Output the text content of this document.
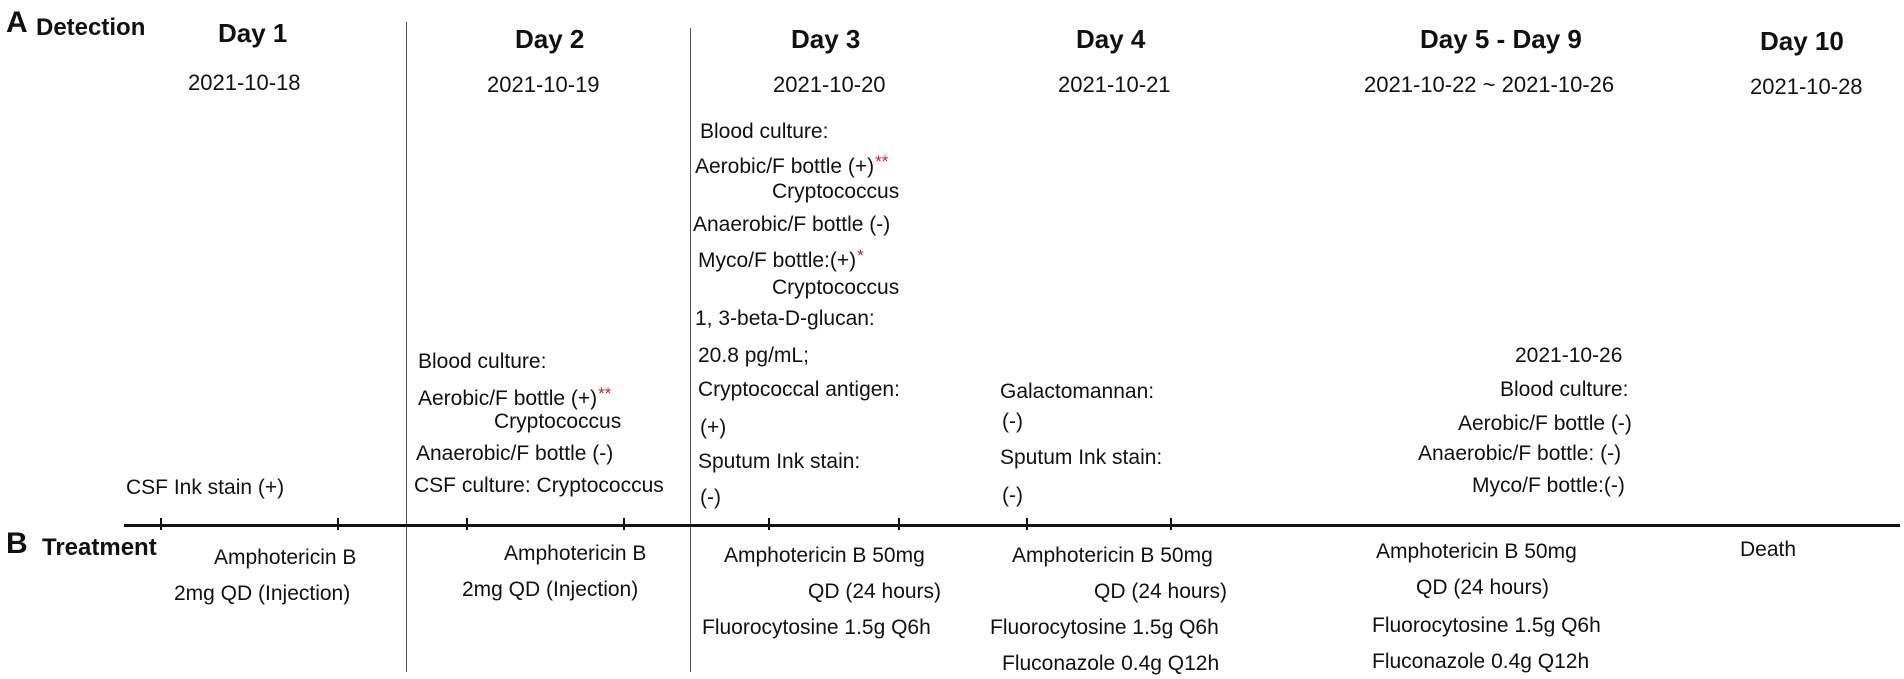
A Detection
B Treatment
Day 1
2021-10-18
Day 2
2021-10-19
Day 3
2021-10-20
Day 4
2021-10-21
Day 5 - Day 9
2021-10-22 ~ 2021-10-26
Day 10
2021-10-28
CSF Ink stain (+)
Blood culture:
Aerobic/F bottle (+)**
Cryptococcus
Anaerobic/F bottle (-)
CSF culture: Cryptococcus
Blood culture:
Aerobic/F bottle (+)**
Cryptococcus
Anaerobic/F bottle (-)
Myco/F bottle:(+)*
Cryptococcus
1, 3-beta-D-glucan:
20.8 pg/mL;
Cryptococcal antigen:
(+)
Sputum Ink stain:
(-)
Galactomannan:
(-)
Sputum Ink stain:
(-)
2021-10-26
Blood culture:
Aerobic/F bottle (-)
Anaerobic/F bottle: (-)
Myco/F bottle:(-)
Amphotericin B
2mg QD (Injection)
Amphotericin B
2mg QD (Injection)
Amphotericin B 50mg
QD (24 hours)
Fluorocytosine 1.5g Q6h
Amphotericin B 50mg
QD (24 hours)
Fluorocytosine 1.5g Q6h
Fluconazole 0.4g Q12h
Amphotericin B 50mg
QD (24 hours)
Fluorocytosine 1.5g Q6h
Fluconazole 0.4g Q12h
Death
